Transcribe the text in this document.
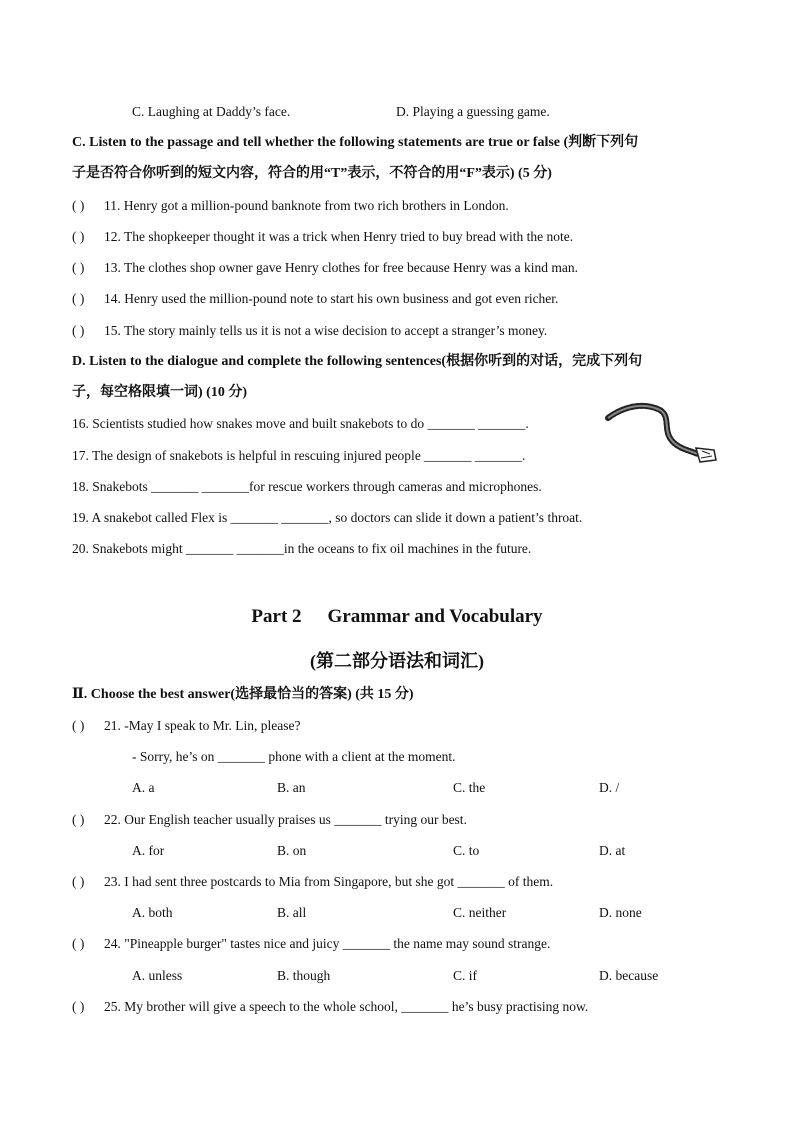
C. Laughing at Daddy’s face.	D. Playing a guessing game.
C. Listen to the passage and tell whether the following statements are true or false (判断下列句
子是否符合你听到的短文内容，符合的用“T”表示，不符合的用“F”表示) (5 分)
( ) 11. Henry got a million-pound banknote from two rich brothers in London.
( ) 12. The shopkeeper thought it was a trick when Henry tried to buy bread with the note.
( ) 13. The clothes shop owner gave Henry clothes for free because Henry was a kind man.
( ) 14. Henry used the million-pound note to start his own business and got even richer.
( ) 15. The story mainly tells us it is not a wise decision to accept a stranger’s money.
D. Listen to the dialogue and complete the following sentences(根据你听到的对话，完成下列句
子，每空格限填一词) (10 分)
16. Scientists studied how snakes move and built snakebots to do _______ _______.
17. The design of snakebots is helpful in rescuing injured people _______ _______.
18. Snakebots _______ _______for rescue workers through cameras and microphones.
19. A snakebot called Flex is _______ _______, so doctors can slide it down a patient’s throat.
20. Snakebots might _______ _______in the oceans to fix oil machines in the future.
Part 2 Grammar and Vocabulary
(第二部分语法和词汇)
Ⅱ. Choose the best answer(选择最恰当的答案) (共 15 分)
( ) 21. -May I speak to Mr. Lin, please?
- Sorry, he’s on _______ phone with a client at the moment.
A. a	B. an	C. the	D. /
( ) 22. Our English teacher usually praises us _______ trying our best.
A. for	B. on	C. to	D. at
( ) 23. I had sent three postcards to Mia from Singapore, but she got _______ of them.
A. both	B. all	C. neither	D. none
( ) 24. "Pineapple burger" tastes nice and juicy _______ the name may sound strange.
A. unless	B. though	C. if	D. because
( ) 25. My brother will give a speech to the whole school, _______ he’s busy practising now.
